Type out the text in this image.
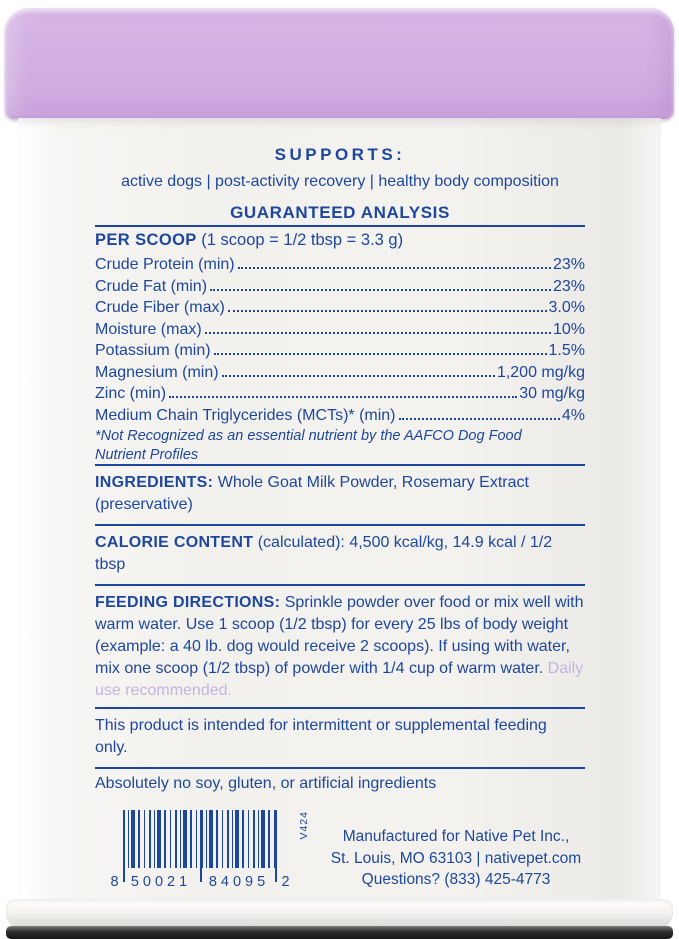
SUPPORTS:
active dogs | post-activity recovery | healthy body composition
GUARANTEED ANALYSIS
PER SCOOP (1 scoop = 1/2 tbsp = 3.3 g)
Crude Protein (min)	23%
Crude Fat (min)	23%
Crude Fiber (max)	3.0%
Moisture (max)	10%
Potassium (min)	1.5%
Magnesium (min)	1,200 mg/kg
Zinc (min)	30 mg/kg
Medium Chain Triglycerides (MCTs)* (min)	4%
*Not Recognized as an essential nutrient by the AAFCO Dog Food Nutrient Profiles
INGREDIENTS: Whole Goat Milk Powder, Rosemary Extract (preservative)
CALORIE CONTENT (calculated): 4,500 kcal/kg, 14.9 kcal / 1/2 tbsp
FEEDING DIRECTIONS: Sprinkle powder over food or mix well with warm water. Use 1 scoop (1/2 tbsp) for every 25 lbs of body weight (example: a 40 lb. dog would receive 2 scoops). If using with water, mix one scoop (1/2 tbsp) of powder with 1/4 cup of warm water. Daily use recommended.
This product is intended for intermittent or supplemental feeding only.
Absolutely no soy, gluten, or artificial ingredients
8 50021	84095 2
V424	Manufactured for Native Pet Inc.,
St. Louis, MO 63103 | nativepet.com
Questions? (833) 425-4773
